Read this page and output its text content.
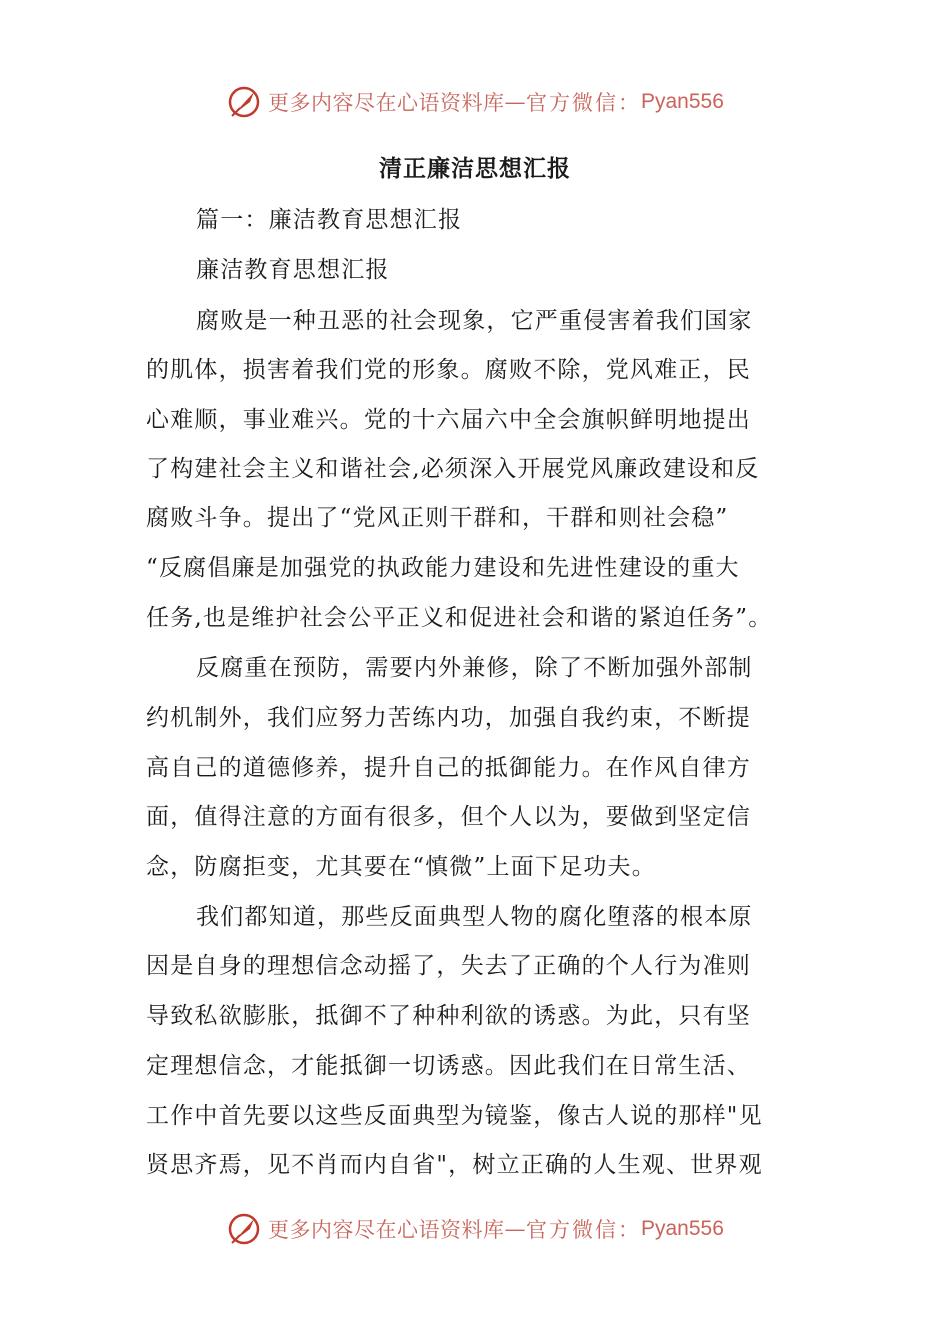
更多内容尽在心语资料库 — 官方微信： Pyan556
清正廉洁思想汇报
篇一：廉洁教育思想汇报
廉洁教育思想汇报
腐败是一种丑恶的社会现象，它严重侵害着我们国家
的肌体，损害着我们党的形象。腐败不除，党风难正，民
心难顺，事业难兴。党的十六届六中全会旗帜鲜明地提出
了构建社会主义和谐社会,必须深入开展党风廉政建设和反
腐败斗争。提出了“党风正则干群和，干群和则社会稳”
“反腐倡廉是加强党的执政能力建设和先进性建设的重大
任务,也是维护社会公平正义和促进社会和谐的紧迫任务”。
反腐重在预防，需要内外兼修，除了不断加强外部制
约机制外，我们应努力苦练内功，加强自我约束，不断提
高自己的道德修养，提升自己的抵御能力。在作风自律方
面，值得注意的方面有很多，但个人以为，要做到坚定信
念，防腐拒变，尤其要在“慎微”上面下足功夫。
我们都知道，那些反面典型人物的腐化堕落的根本原
因是自身的理想信念动摇了，失去了正确的个人行为准则
导致私欲膨胀，抵御不了种种利欲的诱惑。为此，只有坚
定理想信念，才能抵御一切诱惑。因此我们在日常生活、
工作中首先要以这些反面典型为镜鉴，像古人说的那样"见
贤思齐焉，见不肖而内自省"，树立正确的人生观、世界观
更多内容尽在心语资料库 — 官方微信： Pyan556
